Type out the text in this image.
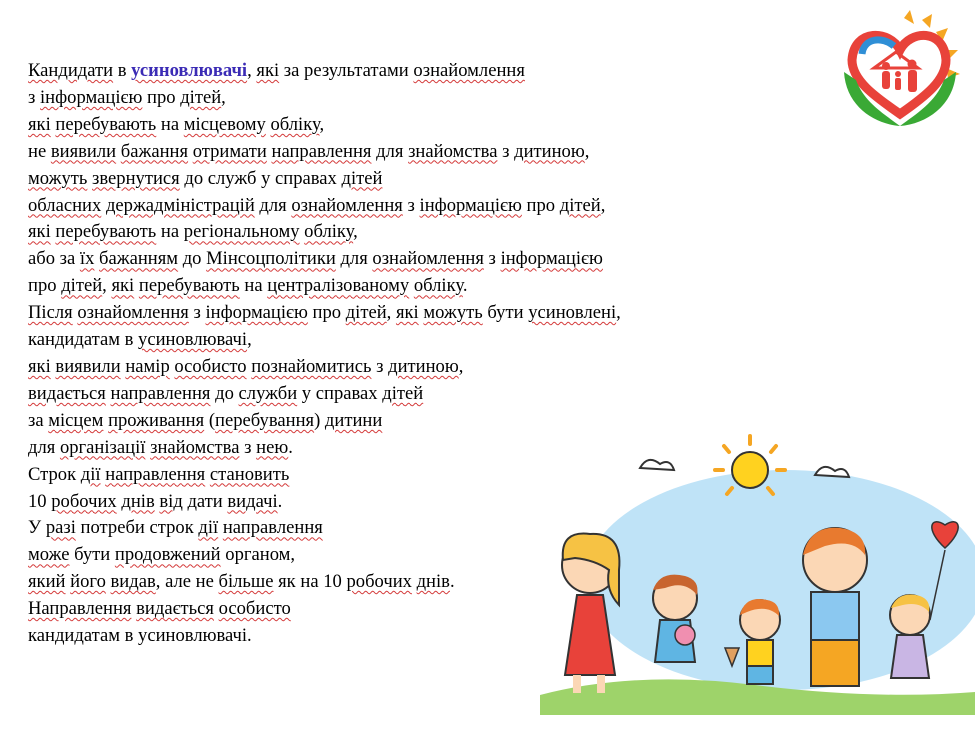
Кандидати в усиновлювачі, які за результатами ознайомлення
з інформацією про дітей,
які перебувають на місцевому обліку,
не виявили бажання отримати направлення для знайомства з дитиною,
можуть звернутися до служб у справах дітей
обласних держадміністрацій для ознайомлення з інформацією про дітей,
які перебувають на регіональному обліку,
або за їх бажанням до Мінсоцполітики для ознайомлення з інформацією
про дітей, які перебувають на централізованому обліку.
Після ознайомлення з інформацією про дітей, які можуть бути усиновлені,
кандидатам в усиновлювачі,
які виявили намір особисто познайомитись з дитиною,
видається направлення до служби у справах дітей
за місцем проживання (перебування) дитини
для організації знайомства з нею.
Строк дії направлення становить
10 робочих днів від дати видачі.
У разі потреби строк дії направлення
може бути продовжений органом,
який його видав, але не більше як на 10 робочих днів.
Направлення видається особисто
кандидатам в усиновлювачі.
